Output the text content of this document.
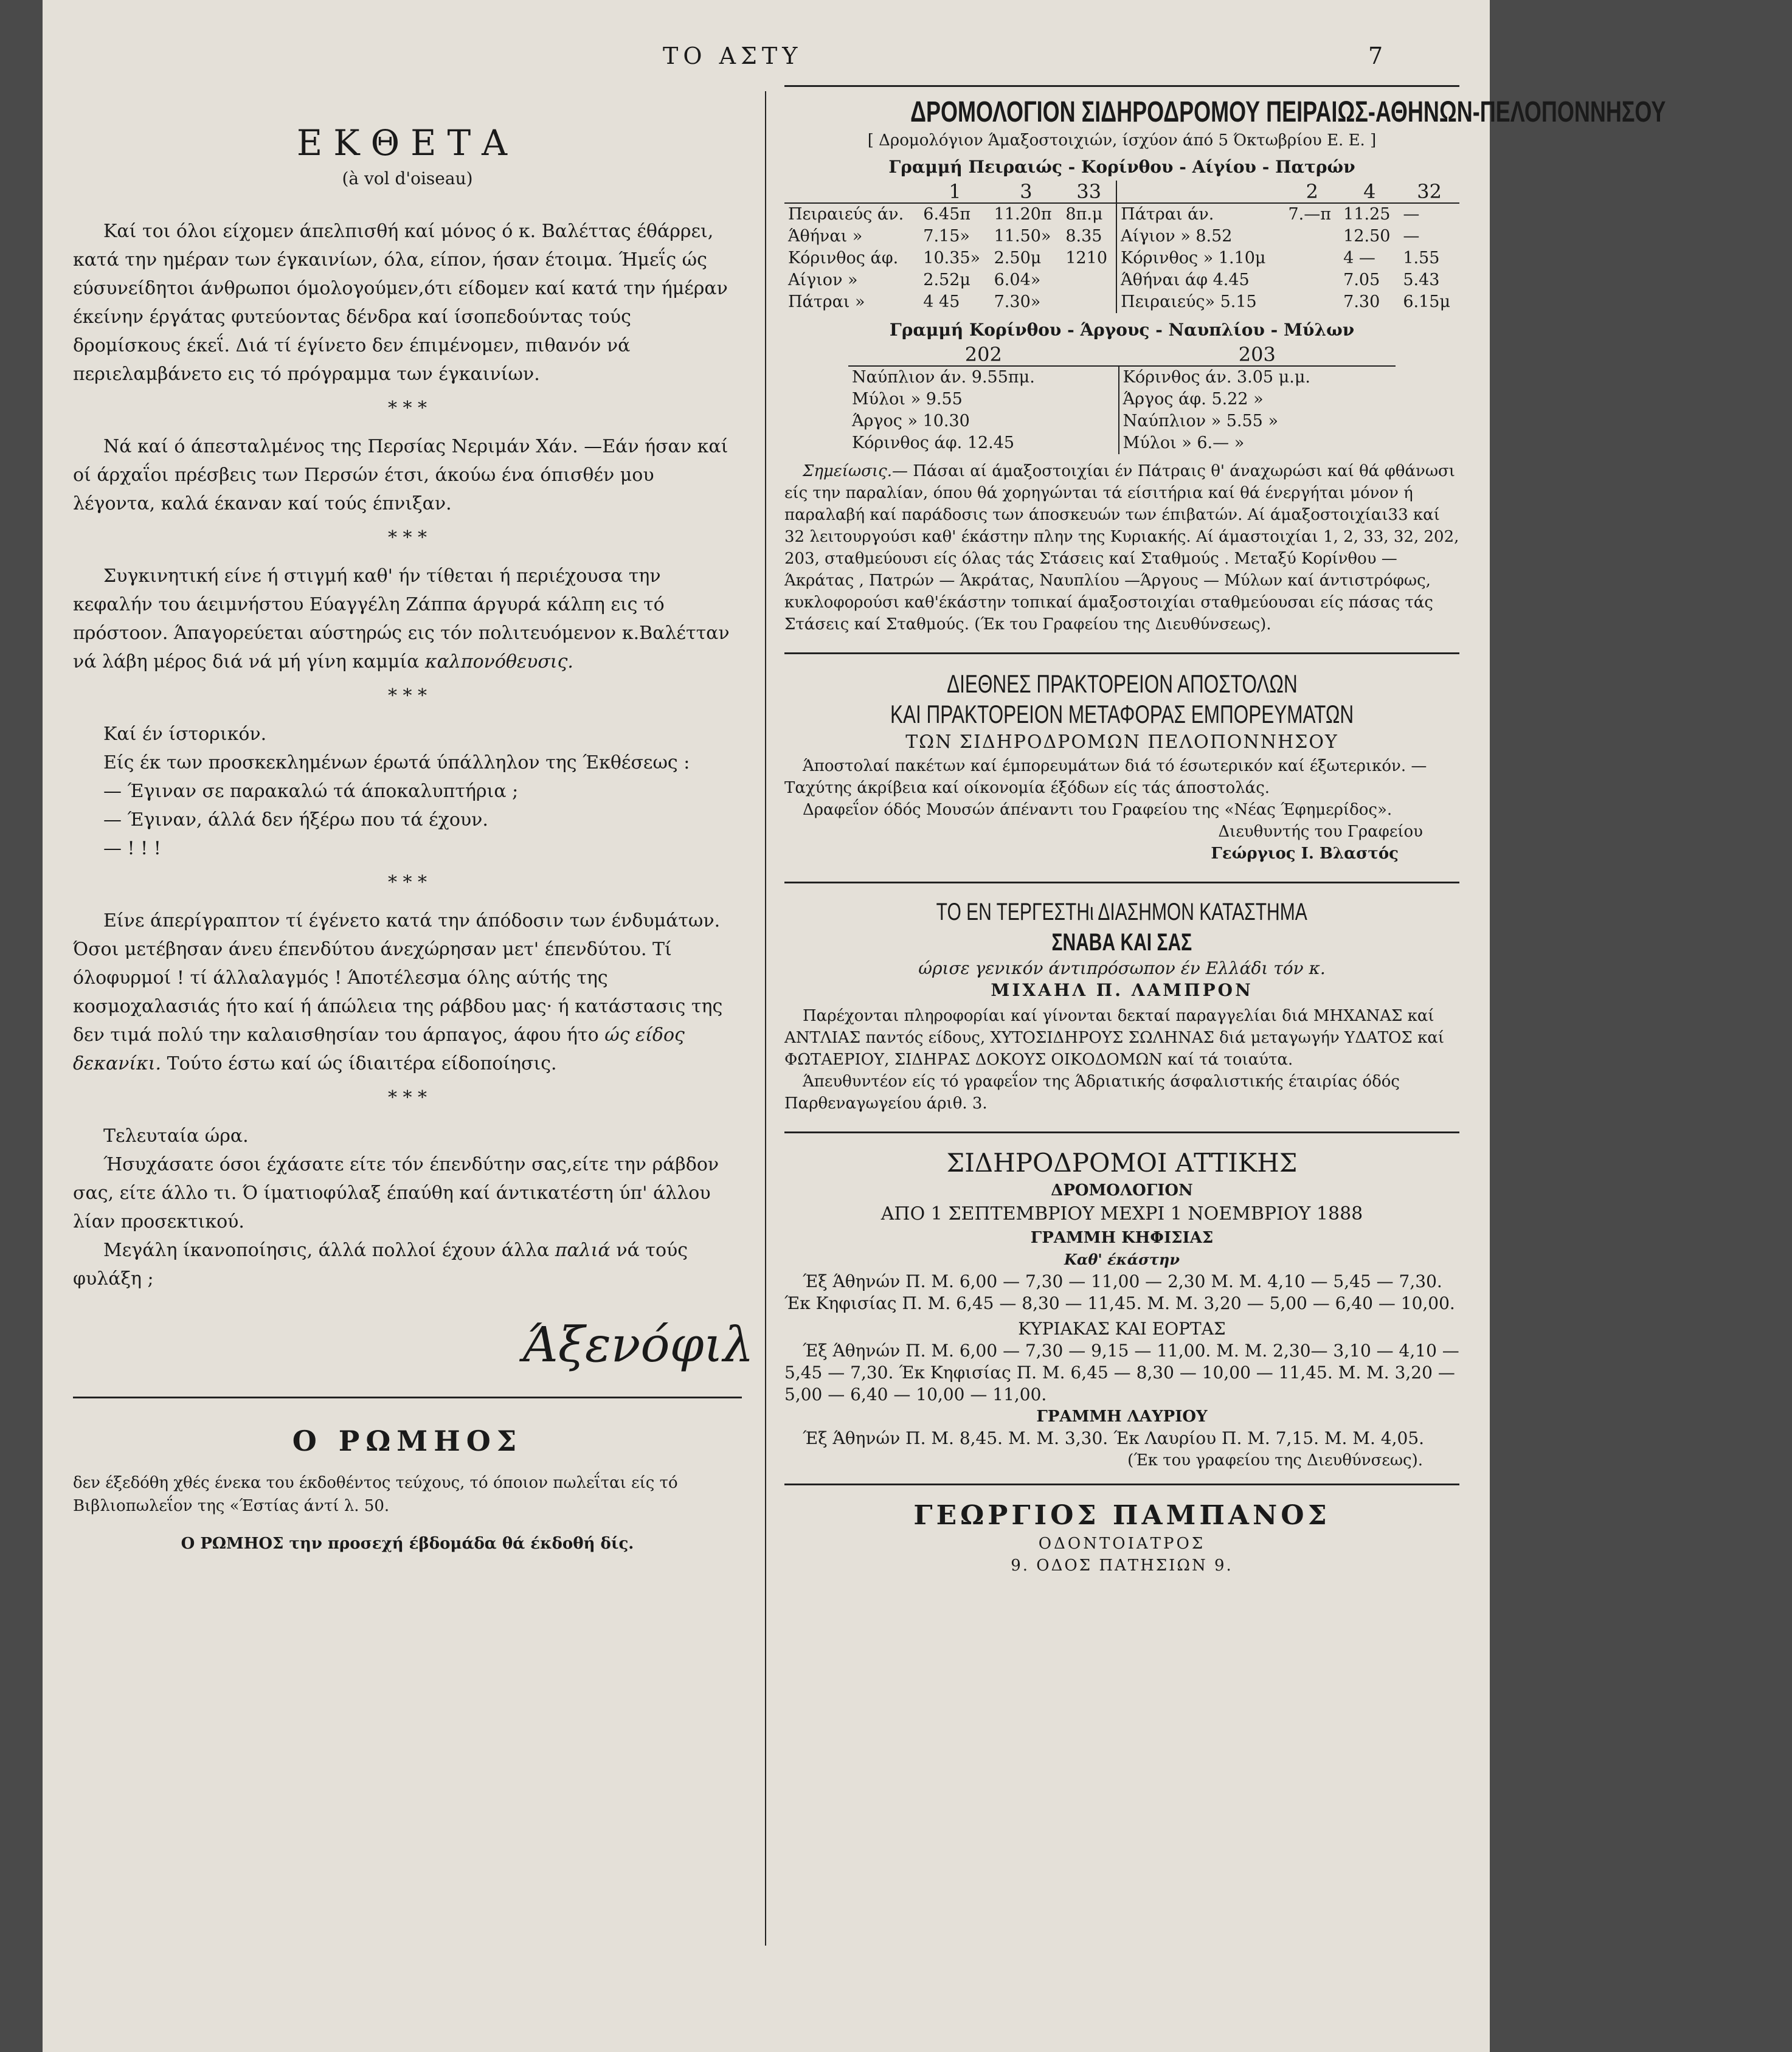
ΤΟ ΑΣΤΥ	7
ΕΚΘΕΤΑ
(à vol d'oiseau)

Καί τοι όλοι είχομεν άπελπισθή καί μόνος ό κ. Βαλέττας έθάρρει, κατά την ημέραν των έγκαινίων, όλα, είπον, ήσαν έτοιμα. Ήμεΐς ώς εύσυνείδητοι άνθρωποι όμολογούμεν,ότι είδομεν καί κατά την ήμέραν έκείνην έργάτας φυτεύοντας δένδρα καί ίσοπεδούντας τούς δρομίσκους έκεΐ. Διά τί έγίνετο δεν έπιμένομεν, πιθανόν νά περιελαμβάνετο εις τό πρόγραμμα των έγκαινίων.

* * *

Νά καί ό άπεσταλμένος της Περσίας Νεριμάν Χάν. —Εάν ήσαν καί οί άρχαΐοι πρέσβεις των Περσών έτσι, άκούω ένα όπισθέν μου λέγοντα, καλά έκαναν καί τούς έπνιξαν.

* * *

Συγκινητική είνε ή στιγμή καθ' ήν τίθεται ή περιέχουσα την κεφαλήν του άειμνήστου Εύαγγέλη Ζάππα άργυρά κάλπη εις τό πρόστοον. Άπαγορεύεται αύστηρώς εις τόν πολιτευόμενον κ.Βαλέτταν νά λάβη μέρος διά νά μή γίνη καμμία καλπονόθευσις.

* * *

Καί έν ίστορικόν.

Είς έκ των προσκεκλημένων έρωτά ύπάλληλον της Έκθέσεως :

— Έγιναν σε παρακαλώ τά άποκαλυπτήρια ;

— Έγιναν, άλλά δεν ήξέρω που τά έχουν.

— ! ! !

* * *

Είνε άπερίγραπτον τί έγένετο κατά την άπόδοσιν των ένδυμάτων. Όσοι μετέβησαν άνευ έπενδύτου άνεχώρησαν μετ' έπενδύτου. Τί όλοφυρμοί ! τί άλλαλαγμός ! Άποτέλεσμα όλης αύτής της κοσμοχαλασιάς ήτο καί ή άπώλεια της ράβδου μας· ή κατάστασις της δεν τιμά πολύ την καλαισθησίαν του άρπαγος, άφου ήτο ώς είδος δεκανίκι. Τούτο έστω καί ώς ίδιαιτέρα είδοποίησις.

* * *

Τελευταία ώρα.

Ήσυχάσατε όσοι έχάσατε είτε τόν έπενδύτην σας,είτε την ράβδον σας, είτε άλλο τι. Ό ίματιοφύλαξ έπαύθη καί άντικατέστη ύπ' άλλου λίαν προσεκτικού.

Μεγάλη ίκανοποίησις, άλλά πολλοί έχουν άλλα παλιά νά τούς φυλάξη ;

Άξενόφιλ
Ο ΡΩΜΗΟΣ

δεν έξεδόθη χθές ένεκα του έκδοθέντος τεύχους, τό όποιον πωλεΐται είς τό Βιβλιοπωλεΐον της «Έστίας άντί λ. 50.

Ο ΡΩΜΗΟΣ την προσεχή έβδομάδα θά έκδοθή δίς.

ΔΡΟΜΟΛΟΓΙΟΝ ΣΙΔΗΡΟΔΡΟΜΟΥ ΠΕΙΡΑΙΩΣ-ΑΘΗΝΩΝ-ΠΕΛΟΠΟΝΝΗΣΟΥ
[ Δρομολόγιον Άμαξοστοιχιών, ίσχύον άπό 5 Όκτωβρίου Ε. Ε. ]
Γραμμή Πειραιώς - Κορίνθου - Αίγίου - Πατρών
	1	3	33		2	4	32
Πειραιεύς άν.	6.45π	11.20π	8π.μ	Πάτραι άν.	7.—π	11.25	—
Άθήναι »	7.15»	11.50»	8.35	Αίγιον » 8.52		12.50	—
Κόρινθος άφ.	10.35»	2.50μ	1210	Κόρινθος » 1.10μ		4 —	1.55
Αίγιον »	2.52μ	6.04»		Άθήναι άφ 4.45		7.05	5.43
Πάτραι »	4 45	7.30»		Πειραιεύς» 5.15		7.30	6.15μ
Γραμμή Κορίνθου - Άργους - Ναυπλίου - Μύλων
202	203
Ναύπλιον άν. 9.55πμ.	Κόρινθος άν. 3.05 μ.μ.
Μύλοι » 9.55	Άργος άφ. 5.22 »
Άργος » 10.30	Ναύπλιον » 5.55 »
Κόρινθος άφ. 12.45	Μύλοι » 6.— »

Σημείωσις.— Πάσαι αί άμαξοστοιχίαι έν Πάτραις θ' άναχωρώσι καί θά φθάνωσι είς την παραλίαν, όπου θά χορηγώνται τά είσιτήρια καί θά ένεργήται μόνον ή παραλαβή καί παράδοσις των άποσκευών των έπιβατών. Αί άμαξοστοιχίαι33 καί 32 λειτουργούσι καθ' έκάστην πλην της Κυριακής. Αί άμαστοιχίαι 1, 2, 33, 32, 202, 203, σταθμεύουσι είς όλας τάς Στάσεις καί Σταθμούς . Μεταξύ Κορίνθου — Άκράτας , Πατρών — Άκράτας, Ναυπλίου —Άργους — Μύλων καί άντιστρόφως, κυκλοφορούσι καθ'έκάστην τοπικαί άμαξοστοιχίαι σταθμεύουσαι είς πάσας τάς Στάσεις καί Σταθμούς. (Έκ του Γραφείου της Διευθύνσεως).

ΔΙΕΘΝΕΣ ΠΡΑΚΤΟΡΕΙΟΝ ΑΠΟΣΤΟΛΩΝ
ΚΑΙ ΠΡΑΚΤΟΡΕΙΟΝ ΜΕΤΑΦΟΡΑΣ ΕΜΠΟΡΕΥΜΑΤΩΝ
ΤΩΝ ΣΙΔΗΡΟΔΡΟΜΩΝ ΠΕΛΟΠΟΝΝΗΣΟΥ

Άποστολαί πακέτων καί έμπορευμάτων διά τό έσωτερικόν καί έξωτερικόν. — Ταχύτης άκρίβεια καί οίκονομία έξόδων είς τάς άποστολάς.

Δραφεΐον όδός Μουσών άπέναντι του Γραφείου της «Νέας Έφημερίδος».

Διευθυντής του Γραφείου

Γεώργιος Ι. Βλαστός

ΤΟ ΕΝ ΤΕΡΓΕΣΤΗι ΔΙΑΣΗΜΟΝ ΚΑΤΑΣΤΗΜΑ
ΣΝΑΒΑ ΚΑΙ ΣΑΣ
ώρισε γενικόν άντιπρόσωπον έν Ελλάδι τόν κ.
ΜΙΧΑΗΛ Π. ΛΑΜΠΡΟΝ

Παρέχονται πληροφορίαι καί γίνονται δεκταί παραγγελίαι διά ΜΗΧΑΝΑΣ καί ΑΝΤΛΙΑΣ παντός είδους, ΧΥΤΟΣΙΔΗΡΟΥΣ ΣΩΛΗΝΑΣ διά μεταγωγήν ΥΔΑΤΟΣ καί ΦΩΤΑΕΡΙΟΥ, ΣΙΔΗΡΑΣ ΔΟΚΟΥΣ ΟΙΚΟΔΟΜΩΝ καί τά τοιαύτα.

Άπευθυντέον είς τό γραφεΐον της Άδριατικής άσφαλιστικής έταιρίας όδός Παρθεναγωγείου άριθ. 3.

ΣΙΔΗΡΟΔΡΟΜΟΙ ΑΤΤΙΚΗΣ
ΔΡΟΜΟΛΟΓΙΟΝ
ΑΠΟ 1 ΣΕΠΤΕΜΒΡΙΟΥ ΜΕΧΡΙ 1 ΝΟΕΜΒΡΙΟΥ 1888
ΓΡΑΜΜΗ ΚΗΦΙΣΙΑΣ
Καθ' έκάστην

Έξ Άθηνών Π. Μ. 6,00 — 7,30 — 11,00 — 2,30 Μ. Μ. 4,10 — 5,45 — 7,30. Έκ Κηφισίας Π. Μ. 6,45 — 8,30 — 11,45. Μ. Μ. 3,20 — 5,00 — 6,40 — 10,00.

ΚΥΡΙΑΚΑΣ ΚΑΙ ΕΟΡΤΑΣ

Έξ Άθηνών Π. Μ. 6,00 — 7,30 — 9,15 — 11,00. Μ. Μ. 2,30— 3,10 — 4,10 — 5,45 — 7,30. Έκ Κηφισίας Π. Μ. 6,45 — 8,30 — 10,00 — 11,45. Μ. Μ. 3,20 — 5,00 — 6,40 — 10,00 — 11,00.

ΓΡΑΜΜΗ ΛΑΥΡΙΟΥ

Έξ Άθηνών Π. Μ. 8,45. Μ. Μ. 3,30. Έκ Λαυρίου Π. Μ. 7,15. Μ. Μ. 4,05.

(Έκ του γραφείου της Διευθύνσεως).

ΓΕΩΡΓΙΟΣ ΠΑΜΠΑΝΟΣ
ΟΔΟΝΤΟΙΑΤΡΟΣ
9. ΟΔΟΣ ΠΑΤΗΣΙΩΝ 9.
